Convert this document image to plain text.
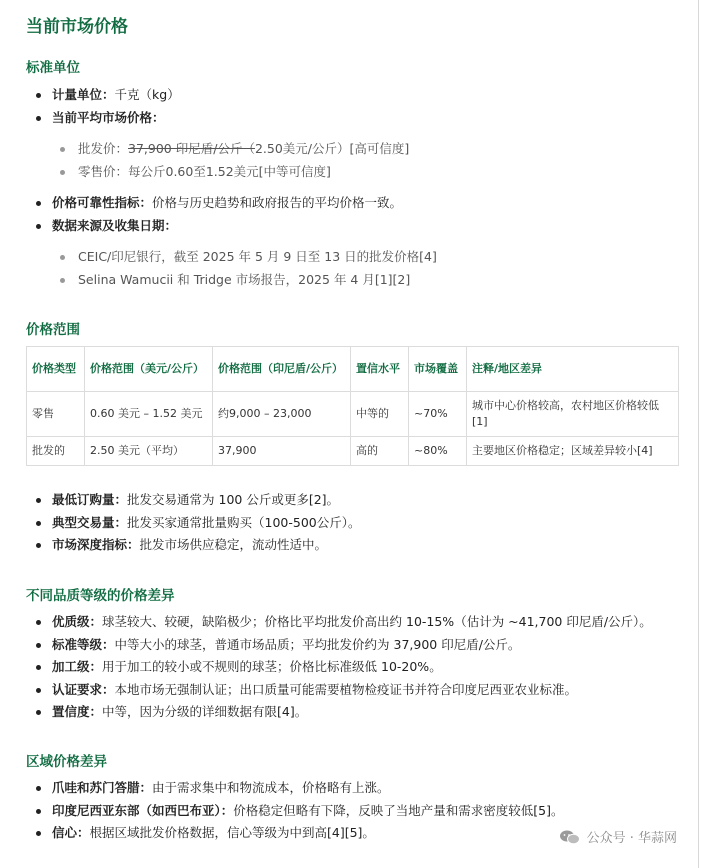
当前市场价格
标准单位
计量单位：千克（kg）
当前平均市场价格：
批发价：37,900 印尼盾/公斤（2.50美元/公斤）[高可信度]
零售价：每公斤0.60至1.52美元[中等可信度]
价格可靠性指标：价格与历史趋势和政府报告的平均价格一致。
数据来源及收集日期：
CEIC/印尼银行，截至 2025 年 5 月 9 日至 13 日的批发价格[4]
Selina Wamucii 和 Tridge 市场报告，2025 年 4 月[1][2]
价格范围
价格类型	价格范围（美元/公斤）	价格范围（印尼盾/公斤）	置信水平	市场覆盖	注释/地区差异
零售	0.60 美元 – 1.52 美元	约9,000 – 23,000	中等的	~70%	城市中心价格较高，农村地区价格较低[1]
批发的	2.50 美元（平均）	37,900	高的	~80%	主要地区价格稳定；区域差异较小[4]
最低订购量：批发交易通常为 100 公斤或更多[2]。
典型交易量：批发买家通常批量购买（100-500公斤）。
市场深度指标：批发市场供应稳定，流动性适中。
不同品质等级的价格差异
优质级：球茎较大、较硬，缺陷极少；价格比平均批发价高出约 10-15%（估计为 ~41,700 印尼盾/公斤）。
标准等级：中等大小的球茎，普通市场品质；平均批发价约为 37,900 印尼盾/公斤。
加工级：用于加工的较小或不规则的球茎；价格比标准级低 10-20%。
认证要求：本地市场无强制认证；出口质量可能需要植物检疫证书并符合印度尼西亚农业标准。
置信度：中等，因为分级的详细数据有限[4]。
区域价格差异
爪哇和苏门答腊：由于需求集中和物流成本，价格略有上涨。
印度尼西亚东部（如西巴布亚）：价格稳定但略有下降，反映了当地产量和需求密度较低[5]。
信心：根据区域批发价格数据，信心等级为中到高[4][5]。	公众号 · 华蒜网
